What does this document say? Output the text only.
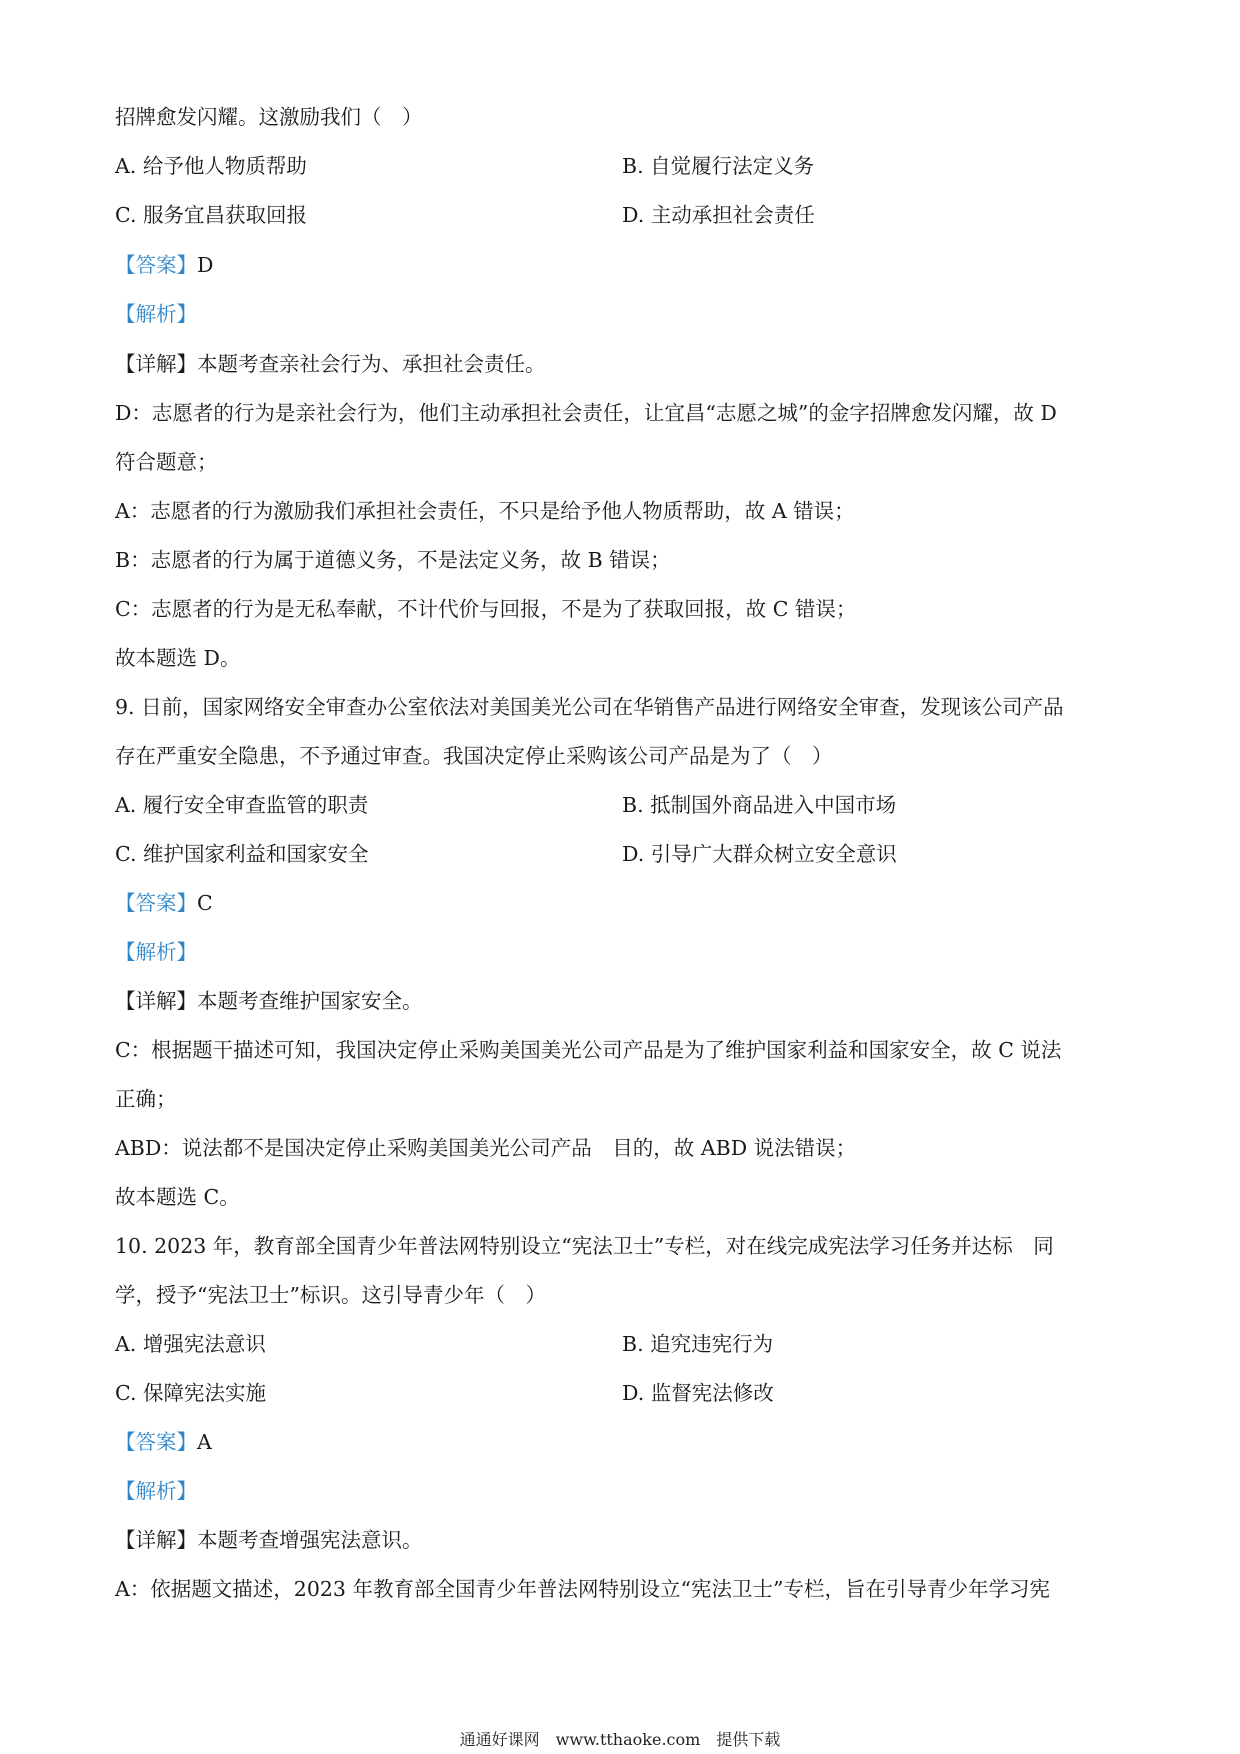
招牌愈发闪耀。这激励我们（　）
A. 给予他人物质帮助	B. 自觉履行法定义务
C. 服务宜昌获取回报	D. 主动承担社会责任
【答案】D
【解析】
【详解】本题考查亲社会行为、承担社会责任。
D：志愿者的行为是亲社会行为，他们主动承担社会责任，让宜昌“志愿之城”的金字招牌愈发闪耀，故 D
符合题意；
A：志愿者的行为激励我们承担社会责任，不只是给予他人物质帮助，故 A 错误；
B：志愿者的行为属于道德义务，不是法定义务，故 B 错误；
C：志愿者的行为是无私奉献，不计代价与回报，不是为了获取回报，故 C 错误；
故本题选 D。
9. 日前，国家网络安全审查办公室依法对美国美光公司在华销售产品进行网络安全审查，发现该公司产品
存在严重安全隐患，不予通过审查。我国决定停止采购该公司产品是为了（　）
A. 履行安全审查监管的职责	B. 抵制国外商品进入中国市场
C. 维护国家利益和国家安全	D. 引导广大群众树立安全意识
【答案】C
【解析】
【详解】本题考查维护国家安全。
C：根据题干描述可知，我国决定停止采购美国美光公司产品是为了维护国家利益和国家安全，故 C 说法
正确；
ABD：说法都不是国决定停止采购美国美光公司产品　目的，故 ABD 说法错误；
故本题选 C。
10. 2023 年，教育部全国青少年普法网特别设立“宪法卫士”专栏，对在线完成宪法学习任务并达标　同
学，授予“宪法卫士”标识。这引导青少年（　）
A. 增强宪法意识	B. 追究违宪行为
C. 保障宪法实施	D. 监督宪法修改
【答案】A
【解析】
【详解】本题考查增强宪法意识。
A：依据题文描述，2023 年教育部全国青少年普法网特别设立“宪法卫士”专栏，旨在引导青少年学习宪
通通好课网　www.tthaoke.com　提供下载
